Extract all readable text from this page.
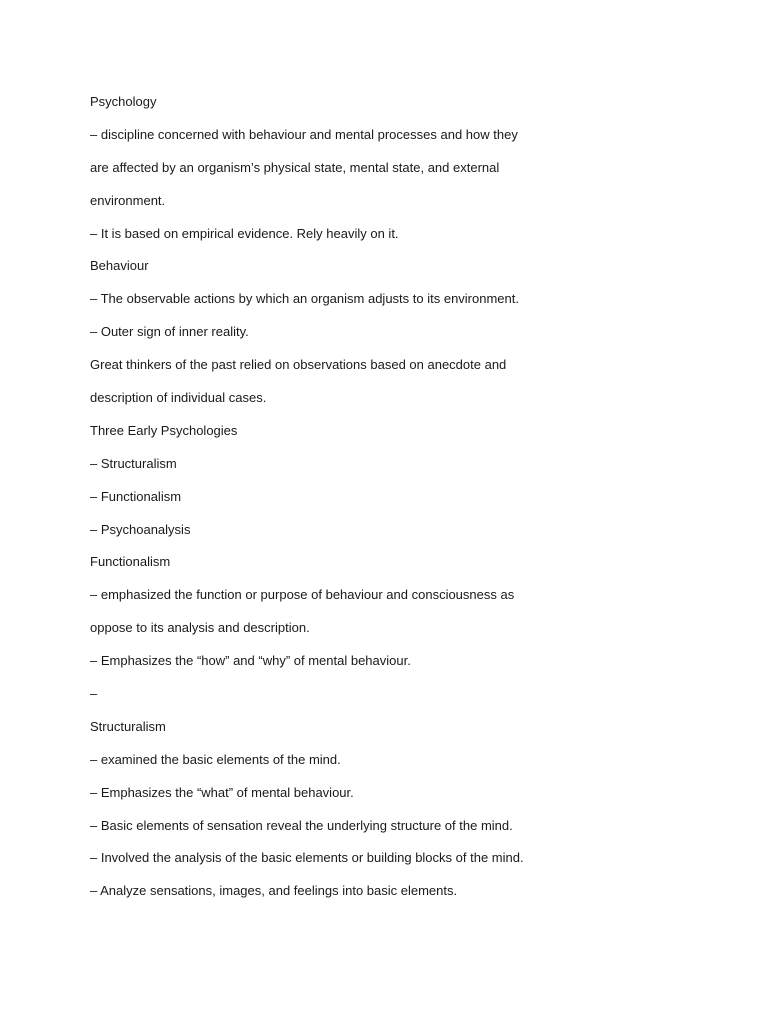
Psychology
– discipline concerned with behaviour and mental processes and how they
are affected by an organism’s physical state, mental state, and external
environment.
– It is based on empirical evidence. Rely heavily on it.
Behaviour
– The observable actions by which an organism adjusts to its environment.
– Outer sign of inner reality.
Great thinkers of the past relied on observations based on anecdote and
description of individual cases.
Three Early Psychologies
– Structuralism
– Functionalism
– Psychoanalysis
Functionalism
– emphasized the function or purpose of behaviour and consciousness as
oppose to its analysis and description.
– Emphasizes the “how” and “why” of mental behaviour.
–
Structuralism
– examined the basic elements of the mind.
– Emphasizes the “what” of mental behaviour.
– Basic elements of sensation reveal the underlying structure of the mind.
– Involved the analysis of the basic elements or building blocks of the mind.
– Analyze sensations, images, and feelings into basic elements.
